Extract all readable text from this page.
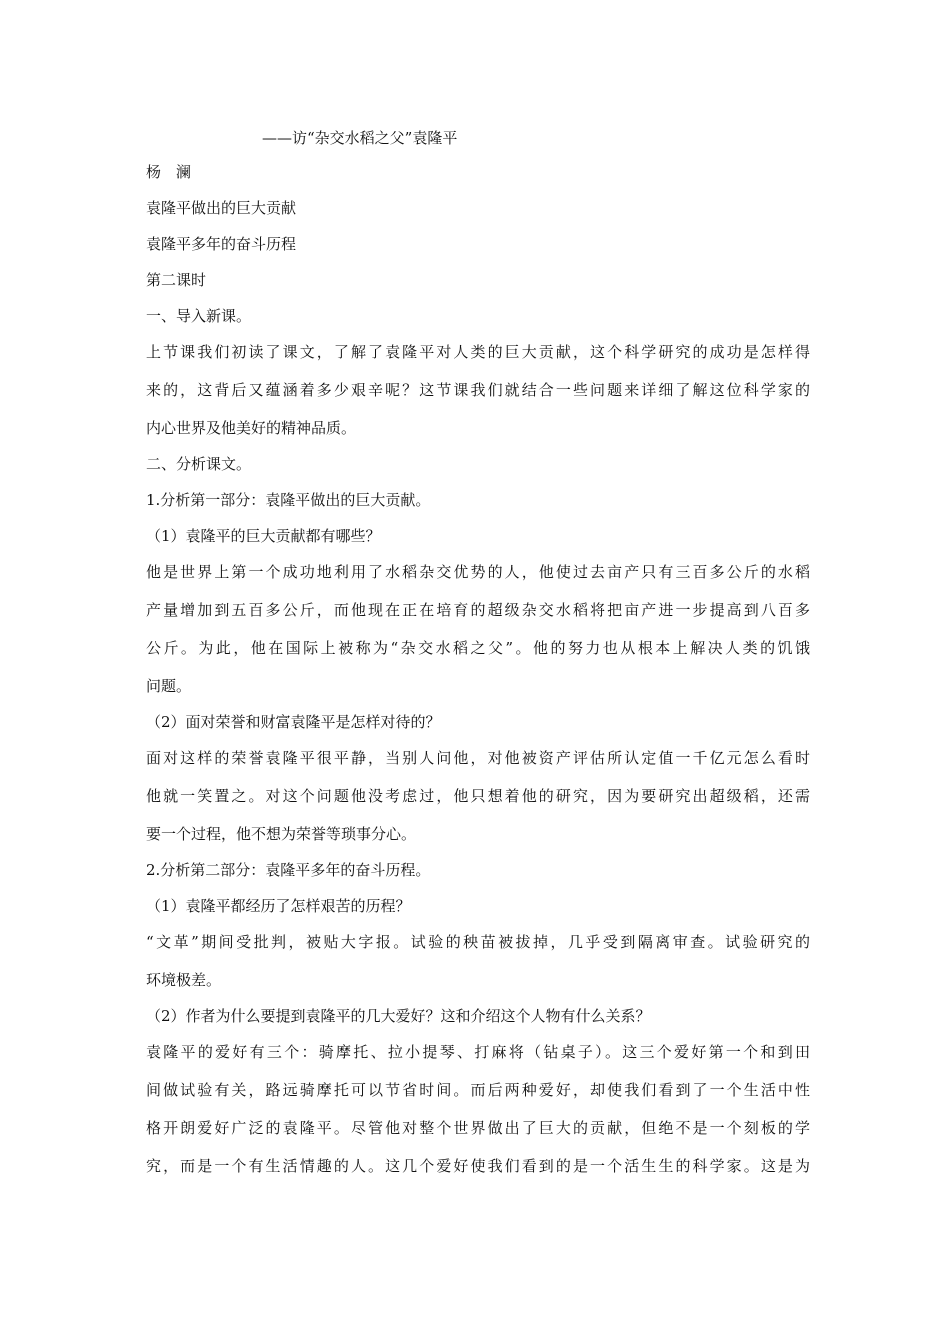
——访“杂交水稻之父”袁隆平
杨　澜
袁隆平做出的巨大贡献
袁隆平多年的奋斗历程
第二课时
一、导入新课。
上节课我们初读了课文，了解了袁隆平对人类的巨大贡献，这个科学研究的成功是怎样得
来的，这背后又蕴涵着多少艰辛呢？这节课我们就结合一些问题来详细了解这位科学家的
内心世界及他美好的精神品质。
二、分析课文。
1.分析第一部分：袁隆平做出的巨大贡献。
（1）袁隆平的巨大贡献都有哪些？
他是世界上第一个成功地利用了水稻杂交优势的人，他使过去亩产只有三百多公斤的水稻
产量增加到五百多公斤，而他现在正在培育的超级杂交水稻将把亩产进一步提高到八百多
公斤。为此，他在国际上被称为“杂交水稻之父”。他的努力也从根本上解决人类的饥饿
问题。
（2）面对荣誉和财富袁隆平是怎样对待的？
面对这样的荣誉袁隆平很平静，当别人问他，对他被资产评估所认定值一千亿元怎么看时
他就一笑置之。对这个问题他没考虑过，他只想着他的研究，因为要研究出超级稻，还需
要一个过程，他不想为荣誉等琐事分心。
2.分析第二部分：袁隆平多年的奋斗历程。
（1）袁隆平都经历了怎样艰苦的历程？
“文革”期间受批判，被贴大字报。试验的秧苗被拔掉，几乎受到隔离审查。试验研究的
环境极差。
（2）作者为什么要提到袁隆平的几大爱好？这和介绍这个人物有什么关系？
袁隆平的爱好有三个：骑摩托、拉小提琴、打麻将（钻桌子）。这三个爱好第一个和到田
间做试验有关，路远骑摩托可以节省时间。而后两种爱好，却使我们看到了一个生活中性
格开朗爱好广泛的袁隆平。尽管他对整个世界做出了巨大的贡献，但绝不是一个刻板的学
究，而是一个有生活情趣的人。这几个爱好使我们看到的是一个活生生的科学家。这是为
